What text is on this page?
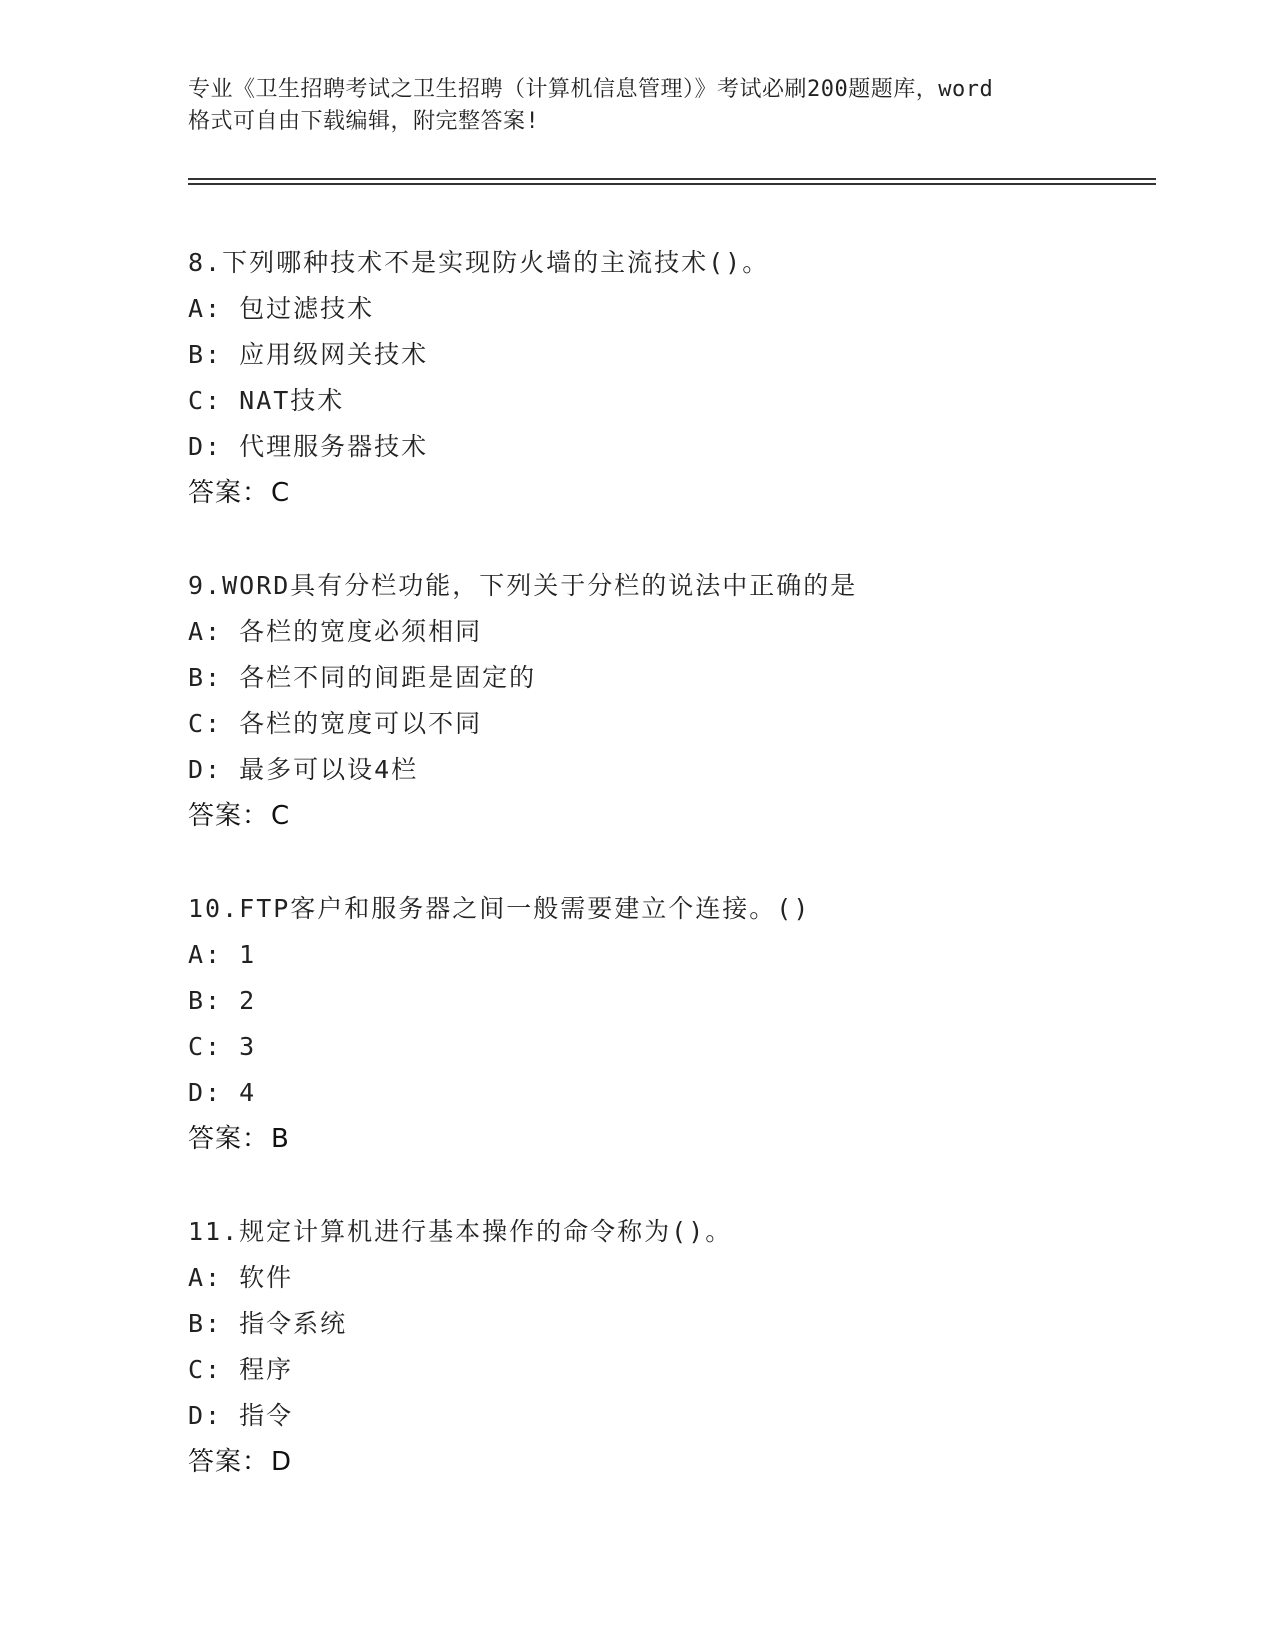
专业《卫生招聘考试之卫生招聘（计算机信息管理）》考试必刷200题题库，word

格式可自由下载编辑，附完整答案!

8.下列哪种技术不是实现防火墙的主流技术()。
A: 包过滤技术
B: 应用级网关技术
C: NAT技术
D: 代理服务器技术
答案：C
9.WORD具有分栏功能，下列关于分栏的说法中正确的是
A: 各栏的宽度必须相同
B: 各栏不同的间距是固定的
C: 各栏的宽度可以不同
D: 最多可以设4栏
答案：C
10.FTP客户和服务器之间一般需要建立个连接。()
A: 1
B: 2
C: 3
D: 4
答案：B
11.规定计算机进行基本操作的命令称为()。
A: 软件
B: 指令系统
C: 程序
D: 指令
答案：D
